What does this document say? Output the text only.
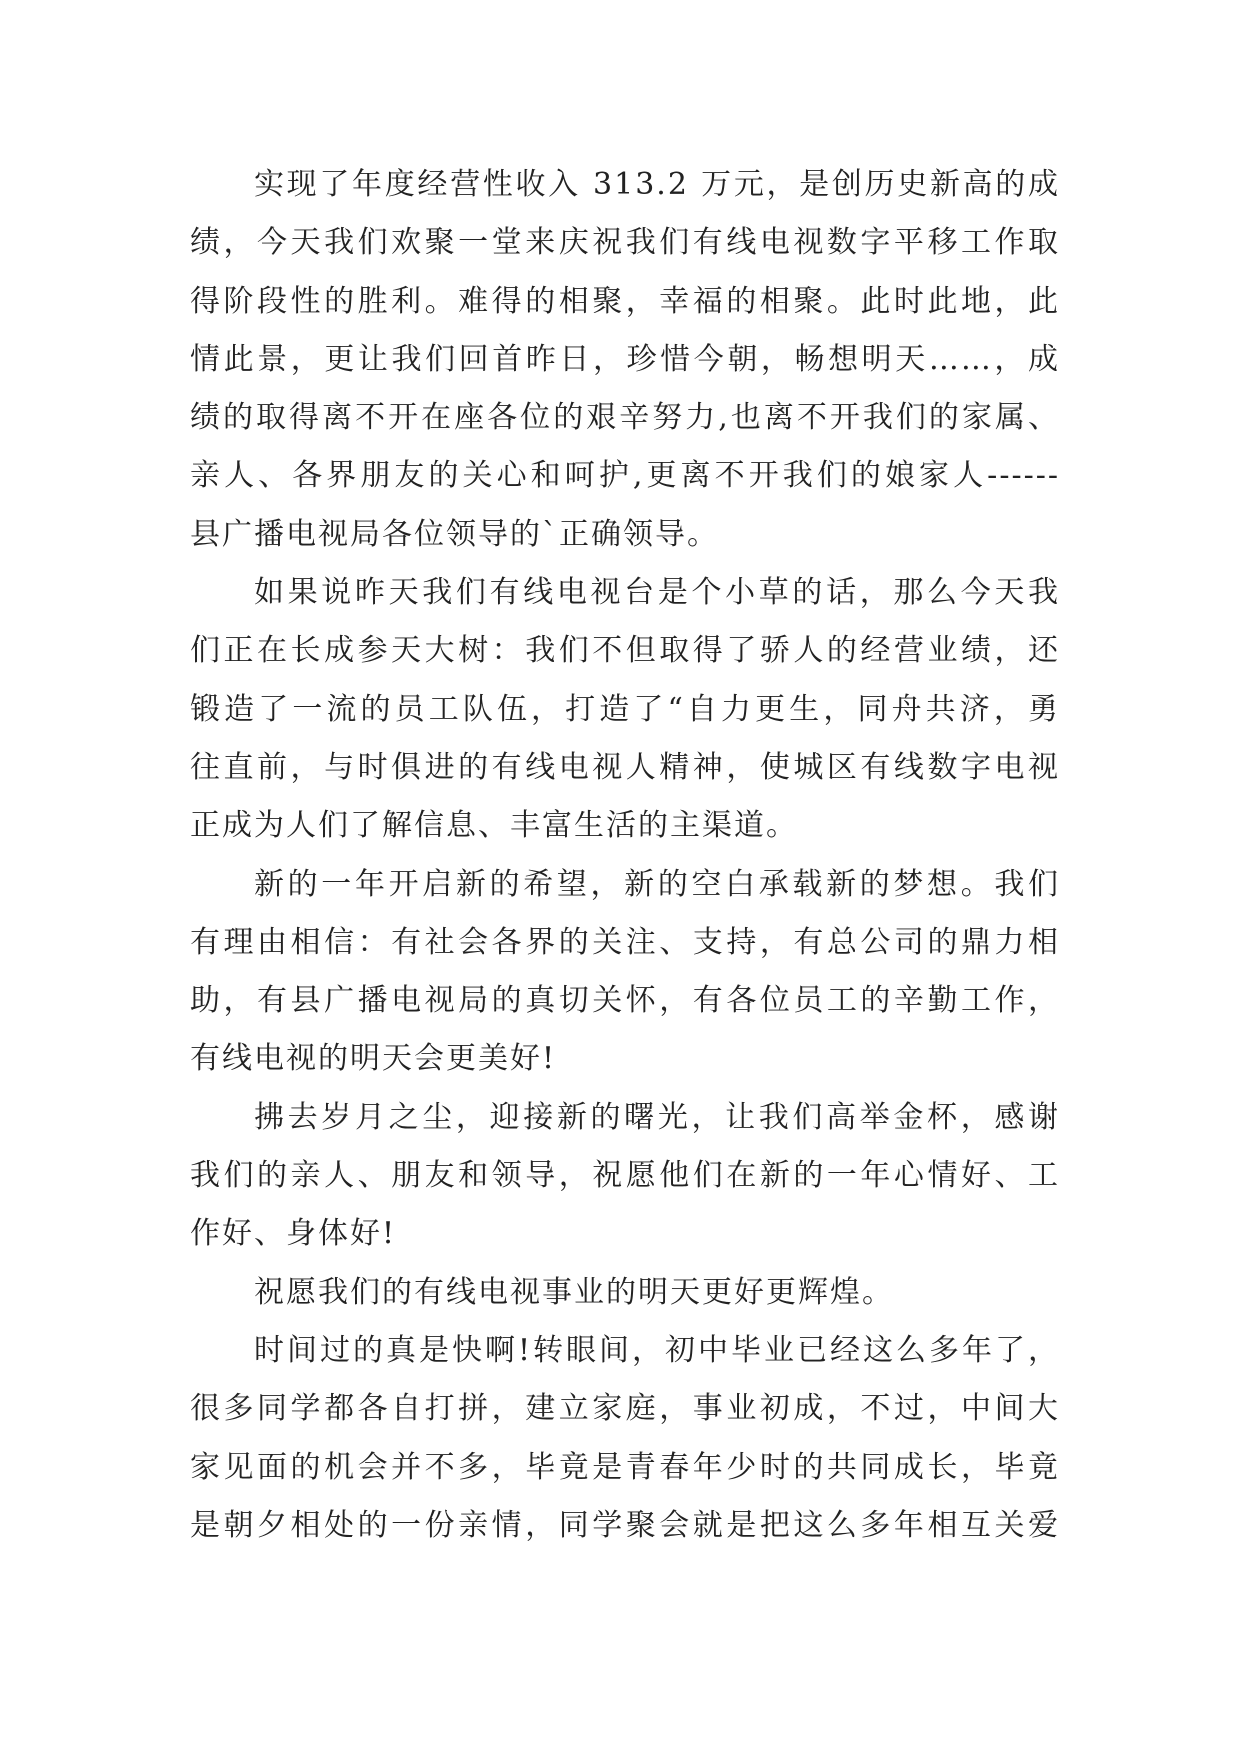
实现了年度经营性收入 313.2 万元，是创历史新高的成
绩，今天我们欢聚一堂来庆祝我们有线电视数字平移工作取
得阶段性的胜利。难得的相聚，幸福的相聚。此时此地，此
情此景，更让我们回首昨日，珍惜今朝，畅想明天……，成
绩的取得离不开在座各位的艰辛努力,也离不开我们的家属、
亲人、各界朋友的关心和呵护,更离不开我们的娘家人------
县广播电视局各位领导的`正确领导。
如果说昨天我们有线电视台是个小草的话，那么今天我
们正在长成参天大树：我们不但取得了骄人的经营业绩，还
锻造了一流的员工队伍，打造了“自力更生，同舟共济，勇
往直前，与时俱进的有线电视人精神，使城区有线数字电视
正成为人们了解信息、丰富生活的主渠道。
新的一年开启新的希望，新的空白承载新的梦想。我们
有理由相信：有社会各界的关注、支持，有总公司的鼎力相
助，有县广播电视局的真切关怀，有各位员工的辛勤工作，
有线电视的明天会更美好!
拂去岁月之尘，迎接新的曙光，让我们高举金杯，感谢
我们的亲人、朋友和领导，祝愿他们在新的一年心情好、工
作好、身体好!
祝愿我们的有线电视事业的明天更好更辉煌。
时间过的真是快啊!转眼间，初中毕业已经这么多年了，
很多同学都各自打拼，建立家庭，事业初成，不过，中间大
家见面的机会并不多，毕竟是青春年少时的共同成长，毕竟
是朝夕相处的一份亲情，同学聚会就是把这么多年相互关爱
